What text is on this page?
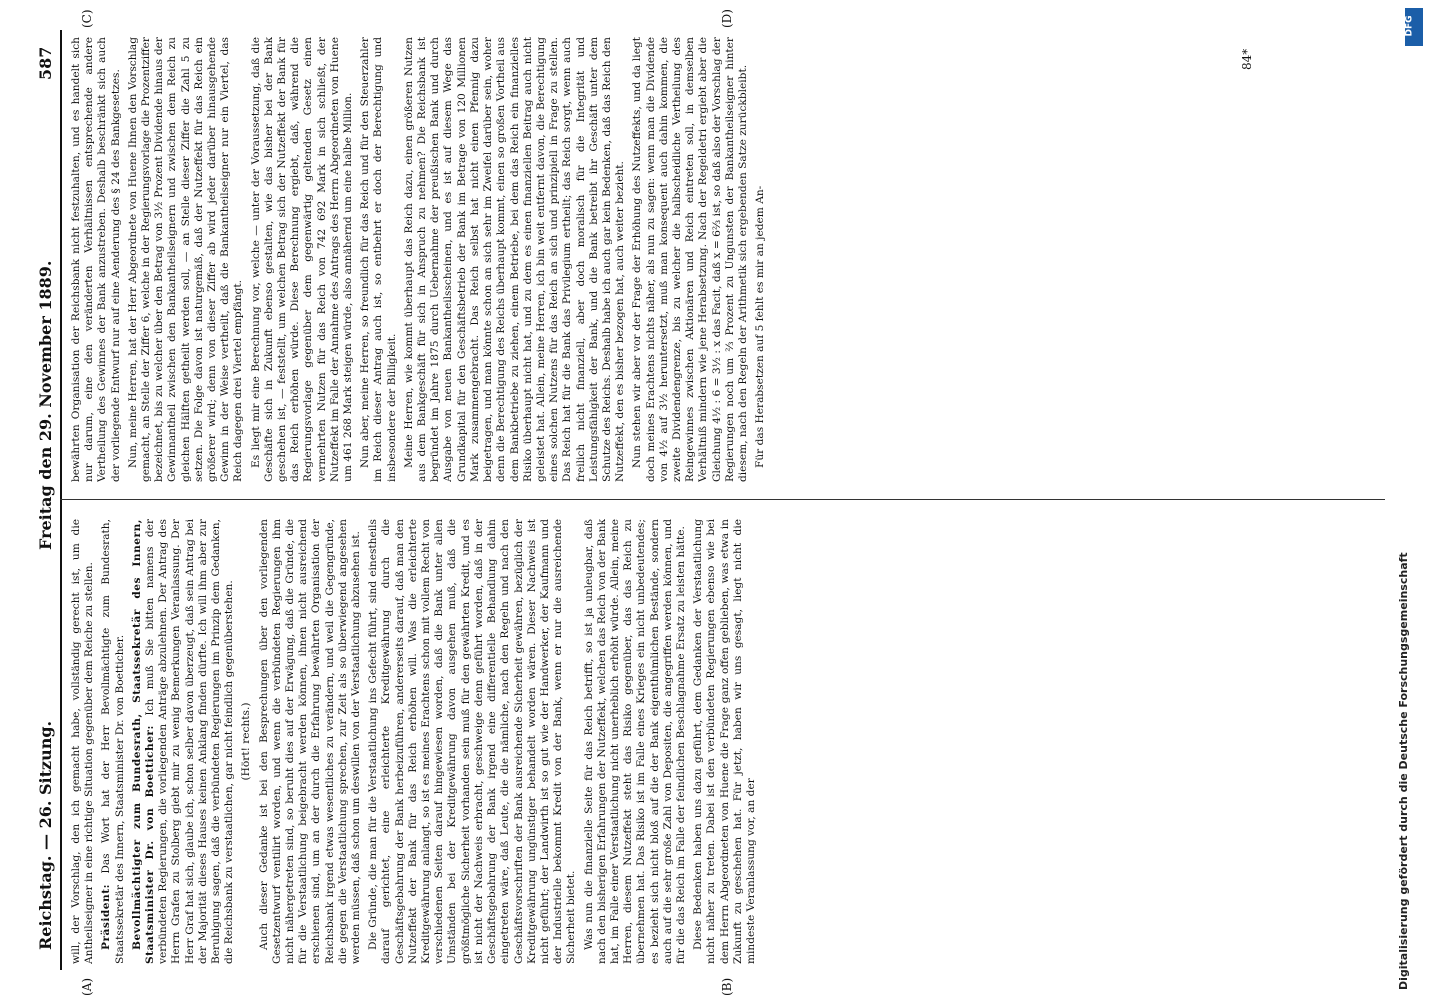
Reichstag. — 26. Sitzung.
Freitag den 29. November 1889.
587
(A)	(B)
(C)	(D)

will, der Vorschlag, den ich gemacht habe, vollständig gerecht ist, um die Antheilseigner in eine richtige Situation gegenüber dem Reiche zu stellen. Präsident: Das Wort hat der Herr Bevollmächtigte zum Bundesrath, Staatssekretär des Innern, Staatsminister Dr. von Boetticher. Bevollmächtigter zum Bundesrath, Staatssekretär des Innern, Staatsminister Dr. von Boetticher: Ich muß Sie bitten namens der verbündeten Regierungen, die vorliegenden Anträge abzulehnen. Der Antrag des Herrn Grafen zu Stolberg giebt mir zu wenig Bemerkungen Veranlassung. Der Herr Graf hat sich, glaube ich, schon selber davon überzeugt, daß sein Antrag bei der Majorität dieses Hauses keinen Anklang finden dürfte. Ich will ihm aber zur Beruhigung sagen, daß die verbündeten Regierungen im Prinzip dem Gedanken, die Reichsbank zu verstaatlichen, gar nicht feindlich gegenüberstehen. (Hört! rechts.) Auch dieser Gedanke ist bei den Besprechungen über den vorliegenden Gesetzentwurf ventilirt worden, und wenn die verbündeten Regierungen ihm nicht nähergetreten sind, so beruht dies auf der Erwägung, daß die Gründe, die für die Verstaatlichung beigebracht werden können, ihnen nicht ausreichend erschienen sind, um an der durch die Erfahrung bewährten Organisation der Reichsbank irgend etwas wesentliches zu verändern, und weil die Gegengründe, die gegen die Verstaatlichung sprechen, zur Zeit als so überwiegend angesehen werden müssen, daß schon um deswillen von der Verstaatlichung abzusehen ist. Die Gründe, die man für die Verstaatlichung ins Gefecht führt, sind einestheils darauf gerichtet, eine erleichterte Kreditgewährung durch die Geschäftsgebahrung der Bank herbeizuführen, andererseits darauf, daß man den Nutzeffekt der Bank für das Reich erhöhen will. Was die erleichterte Kreditgewährung anlangt, so ist es meines Erachtens schon mit vollem Recht von verschiedenen Seiten darauf hingewiesen worden, daß die Bank unter allen Umständen bei der Kreditgewährung davon ausgehen muß, daß die größtmögliche Sicherheit vorhanden sein muß für den gewährten Kredit, und es ist nicht der Nachweis erbracht, geschweige denn geführt worden, daß in der Geschäftsgebahrung der Bank irgend eine differentielle Behandlung dahin eingetreten wäre, daß Leute, die die nämliche, nach den Regeln und nach den Geschäftsvorschriften der Bank ausreichende Sicherheit gewähren, bezüglich der Kreditgewährung ungünstiger behandelt worden wären. Dieser Nachweis ist nicht geführt; der Landwirth ist so gut wie der Handwerker, der Kaufmann und der Industrielle bekommt Kredit von der Bank, wenn er nur die ausreichende Sicherheit bietet. Was nun die finanzielle Seite für das Reich betrifft, so ist ja unleugbar, daß nach den bisherigen Erfahrungen der Nutzeffekt, welchen das Reich von der Bank hat, im Falle einer Verstaatlichung nicht unerheblich erhöht würde. Allein, meine Herren, diesem Nutzeffekt steht das Risiko gegenüber, das das Reich zu übernehmen hat. Das Risiko ist im Falle eines Krieges ein nicht unbedeutendes; es bezieht sich nicht bloß auf die der Bank eigenthümlichen Bestände, sondern auch auf die sehr große Zahl von Depositen, die angegriffen werden können, und für die das Reich im Falle der feindlichen Beschlagnahme Ersatz zu leisten hätte. Diese Bedenken haben uns dazu geführt, dem Gedanken der Verstaatlichung nicht näher zu treten. Dabei ist den verbündeten Regierungen ebenso wie bei dem Herrn Abgeordneten von Huene die Frage ganz offen geblieben, was etwa in Zukunft zu geschehen hat. Für jetzt, haben wir uns gesagt, liegt nicht die mindeste Veranlassung vor, an der

bewährten Organisation der Reichsbank nicht festzuhalten, und es handelt sich nur darum, eine den veränderten Verhältnissen entsprechende andere Vertheilung des Gewinnes der Bank anzustreben. Deshalb beschränkt sich auch der vorliegende Entwurf nur auf eine Aenderung des § 24 des Bankgesetzes. Nun, meine Herren, hat der Herr Abgeordnete von Huene Ihnen den Vorschlag gemacht, an Stelle der Ziffer 6, welche in der Regierungsvorlage die Prozentziffer bezeichnet, bis zu welcher über den Betrag von 3½ Prozent Dividende hinaus der Gewinnantheil zwischen den Bankantheilseignern und zwischen dem Reich zu gleichen Hälften getheilt werden soll, — an Stelle dieser Ziffer die Zahl 5 zu setzen. Die Folge davon ist naturgemäß, daß der Nutzeffekt für das Reich ein größerer wird; denn von dieser Ziffer ab wird jeder darüber hinausgehende Gewinn in der Weise vertheilt, daß die Bankantheilseigner nur ein Viertel, das Reich dagegen drei Viertel empfängt. Es liegt mir eine Berechnung vor, welche — unter der Voraussetzung, daß die Geschäfte sich in Zukunft ebenso gestalten, wie das bisher bei der Bank geschehen ist, — feststellt, um welchen Betrag sich der Nutzeffekt der Bank für das Reich erhöhen würde. Diese Berechnung ergiebt, daß, während die Regierungsvorlage gegenüber dem gegenwärtig geltenden Gesetz einen vermehrten Nutzen für das Reich von 742 692 Mark in sich schließt, der Nutzeffekt im Falle der Annahme des Antrags des Herrn Abgeordneten von Huene um 461 268 Mark steigen würde, also annähernd um eine halbe Million. Nun aber, meine Herren, so freundlich für das Reich und für den Steuerzahler im Reich dieser Antrag auch ist, so entbehrt er doch der Berechtigung und insbesondere der Billigkeit. Meine Herren, wie kommt überhaupt das Reich dazu, einen größeren Nutzen aus dem Bankgeschäft für sich in Anspruch zu nehmen? Die Reichsbank ist begründet im Jahre 1875 durch Uebernahme der preußischen Bank und durch Ausgabe von neuen Bankantheilsscheinen, und es ist auf diesem Wege das Grundkapital für den Geschäftsbetrieb der Bank im Betrage von 120 Millionen Mark zusammengebracht. Das Reich selbst hat nicht einen Pfennig dazu beigetragen, und man könnte schon an sich sehr im Zweifel darüber sein, woher denn die Berechtigung des Reichs überhaupt kommt, einen so großen Vortheil aus dem Bankbetriebe zu ziehen, einem Betriebe, bei dem das Reich ein finanzielles Risiko überhaupt nicht hat, und zu dem es einen finanziellen Beitrag auch nicht geleistet hat. Allein, meine Herren, ich bin weit entfernt davon, die Berechtigung eines solchen Nutzens für das Reich an sich und prinzipiell in Frage zu stellen. Das Reich hat für die Bank das Privilegium ertheilt; das Reich sorgt, wenn auch freilich nicht finanziell, aber doch moralisch für die Integrität und Leistungsfähigkeit der Bank, und die Bank betreibt ihr Geschäft unter dem Schutze des Reichs. Deshalb habe ich auch gar kein Bedenken, daß das Reich den Nutzeffekt, den es bisher bezogen hat, auch weiter bezieht. Nun stehen wir aber vor der Frage der Erhöhung des Nutzeffekts, und da liegt doch meines Erachtens nichts näher, als nun zu sagen: wenn man die Dividende von 4½ auf 3½ heruntersetzt, muß man konsequent auch dahin kommen, die zweite Dividendengrenze, bis zu welcher die halbscheidliche Vertheilung des Reingewinnes zwischen Aktionären und Reich eintreten soll, in demselben Verhältniß mindern wie jene Herabsetzung. Nach der Regeldetri ergiebt aber die Gleichung 4½ : 6 = 3½ : x das Facit, daß x = 6⅔ ist, so daß also der Vorschlag der Regierungen noch um ⅔ Prozent zu Ungunsten der Bankantheilseigner hinter diesem, nach den Regeln der Arithmetik sich ergebenden Satze zurückbleibt. Für das Herabsetzen auf 5 fehlt es mir an jedem An-

84*
DFG
Digitalisierung gefördert durch die Deutsche Forschungsgemeinschaft
